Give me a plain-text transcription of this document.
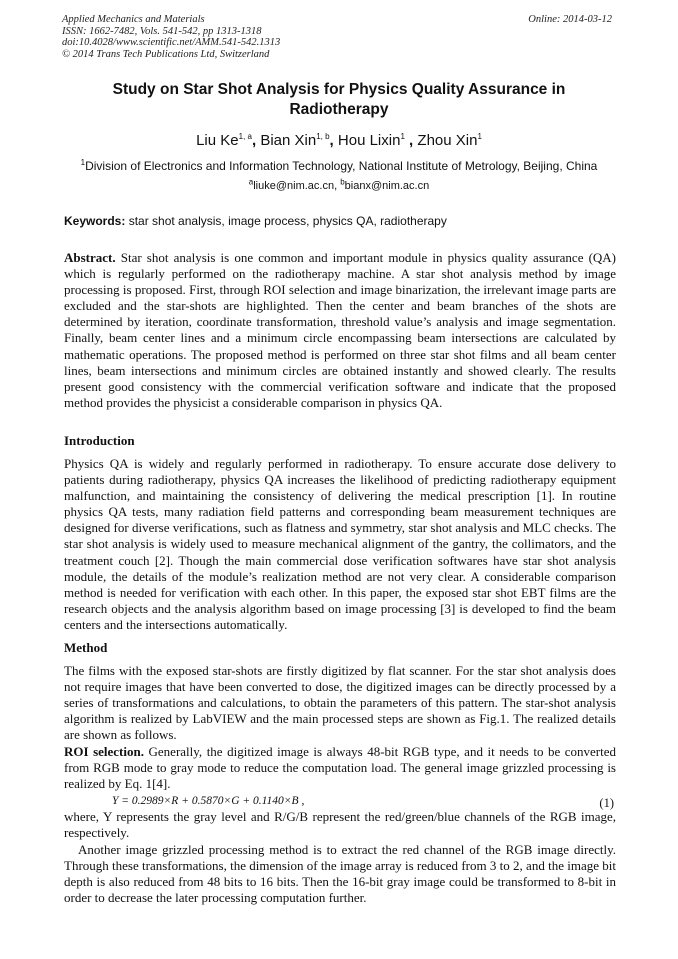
Applied Mechanics and Materials
ISSN: 1662-7482, Vols. 541-542, pp 1313-1318
doi:10.4028/www.scientific.net/AMM.541-542.1313
© 2014 Trans Tech Publications Ltd, Switzerland
Online: 2014-03-12
Study on Star Shot Analysis for Physics Quality Assurance in Radiotherapy
Liu Ke$^{1, a}$, Bian Xin$^{1, b}$, Hou Lixin$^1$ , Zhou Xin$^1$
$^1$Division of Electronics and Information Technology, National Institute of Metrology, Beijing, China
$^a$liuke@nim.ac.cn, $^b$bianx@nim.ac.cn
Keywords: star shot analysis, image process, physics QA, radiotherapy
Abstract. Star shot analysis is one common and important module in physics quality assurance (QA) which is regularly performed on the radiotherapy machine. A star shot analysis method by image processing is proposed. First, through ROI selection and image binarization, the irrelevant image parts are excluded and the star-shots are highlighted. Then the center and beam branches of the shots are determined by iteration, coordinate transformation, threshold value’s analysis and image segmentation. Finally, beam center lines and a minimum circle encompassing beam intersections are calculated by mathematic operations. The proposed method is performed on three star shot films and all beam center lines, beam intersections and minimum circles are obtained instantly and showed clearly. The results present good consistency with the commercial verification software and indicate that the proposed method provides the physicist a considerable comparison in physics QA.
Introduction
Physics QA is widely and regularly performed in radiotherapy. To ensure accurate dose delivery to patients during radiotherapy, physics QA increases the likelihood of predicting radiotherapy equipment malfunction, and maintaining the consistency of delivering the medical prescription [1]. In routine physics QA tests, many radiation field patterns and corresponding beam measurement techniques are designed for diverse verifications, such as flatness and symmetry, star shot analysis and MLC checks. The star shot analysis is widely used to measure mechanical alignment of the gantry, the collimators, and the treatment couch [2]. Though the main commercial dose verification softwares have star shot analysis module, the details of the module’s realization method are not very clear. A considerable comparison method is needed for verification with each other. In this paper, the exposed star shot EBT films are the research objects and the analysis algorithm based on image processing [3] is developed to find the beam centers and the intersections automatically.
Method
The films with the exposed star-shots are firstly digitized by flat scanner. For the star shot analysis does not require images that have been converted to dose, the digitized images can be directly processed by a series of transformations and calculations, to obtain the parameters of this pattern. The star-shot analysis algorithm is realized by LabVIEW and the main processed steps are shown as Fig.1. The realized details are shown as follows.
ROI selection. Generally, the digitized image is always 48-bit RGB type, and it needs to be converted from RGB mode to gray mode to reduce the computation load. The general image grizzled processing is realized by Eq. 1[4].
Y = 0.2989×R + 0.5870×G + 0.1140×B ,	(1)
where, Y represents the gray level and R/G/B represent the red/green/blue channels of the RGB image, respectively.
Another image grizzled processing method is to extract the red channel of the RGB image directly. Through these transformations, the dimension of the image array is reduced from 3 to 2, and the image bit depth is also reduced from 48 bits to 16 bits. Then the 16-bit gray image could be transformed to 8-bit in order to decrease the later processing computation further.
